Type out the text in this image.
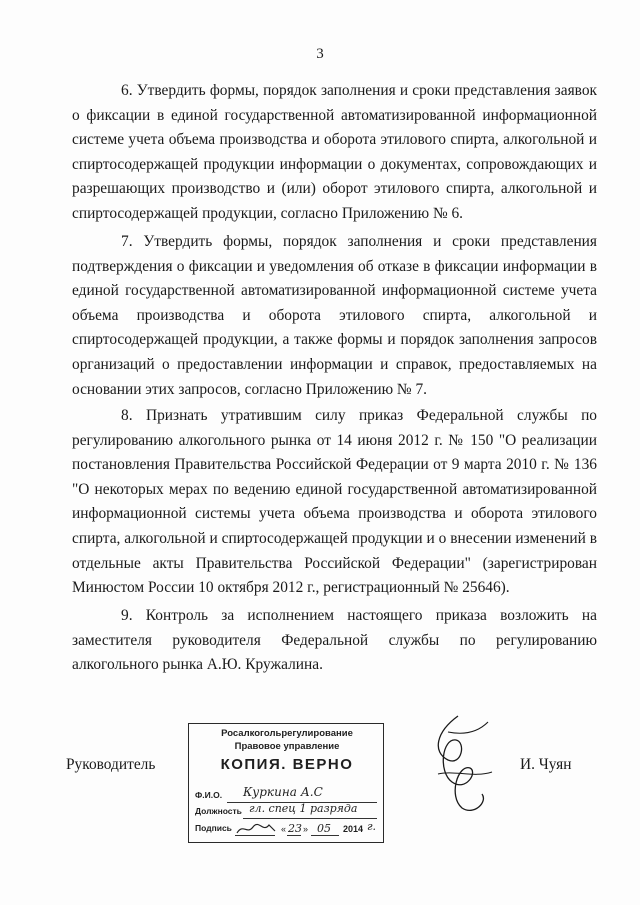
3

6. Утвердить формы, порядок заполнения и сроки представления заявок о фиксации в единой государственной автоматизированной информационной системе учета объема производства и оборота этилового спирта, алкогольной и спиртосодержащей продукции информации о документах, сопровождающих и разрешающих производство и (или) оборот этилового спирта, алкогольной и спиртосодержащей продукции, согласно Приложению № 6.

7. Утвердить формы, порядок заполнения и сроки представления подтверждения о фиксации и уведомления об отказе в фиксации информации в единой государственной автоматизированной информационной системе учета объема производства и оборота этилового спирта, алкогольной и спиртосодержащей продукции, а также формы и порядок заполнения запросов организаций о предоставлении информации и справок, предоставляемых на основании этих запросов, согласно Приложению № 7.

8. Признать утратившим силу приказ Федеральной службы по регулированию алкогольного рынка от 14 июня 2012 г. № 150 "О реализации постановления Правительства Российской Федерации от 9 марта 2010 г. № 136 "О некоторых мерах по ведению единой государственной автоматизированной информационной системы учета объема производства и оборота этилового спирта, алкогольной и спиртосодержащей продукции и о внесении изменений в отдельные акты Правительства Российской Федерации" (зарегистрирован Минюстом России 10 октября 2012 г., регистрационный № 25646).

9. Контроль за исполнением настоящего приказа возложить на заместителя руководителя Федеральной службы по регулированию алкогольного рынка А.Ю. Кружалина.

Руководитель
Росалкогольрегулирование
Правовое управление
КОПИЯ. ВЕРНО
Ф.И.О.	Куркина А.С
Должность гл. спец 1 разряда
Подпись	« 23 » 05 2014 г.
И. Чуян
